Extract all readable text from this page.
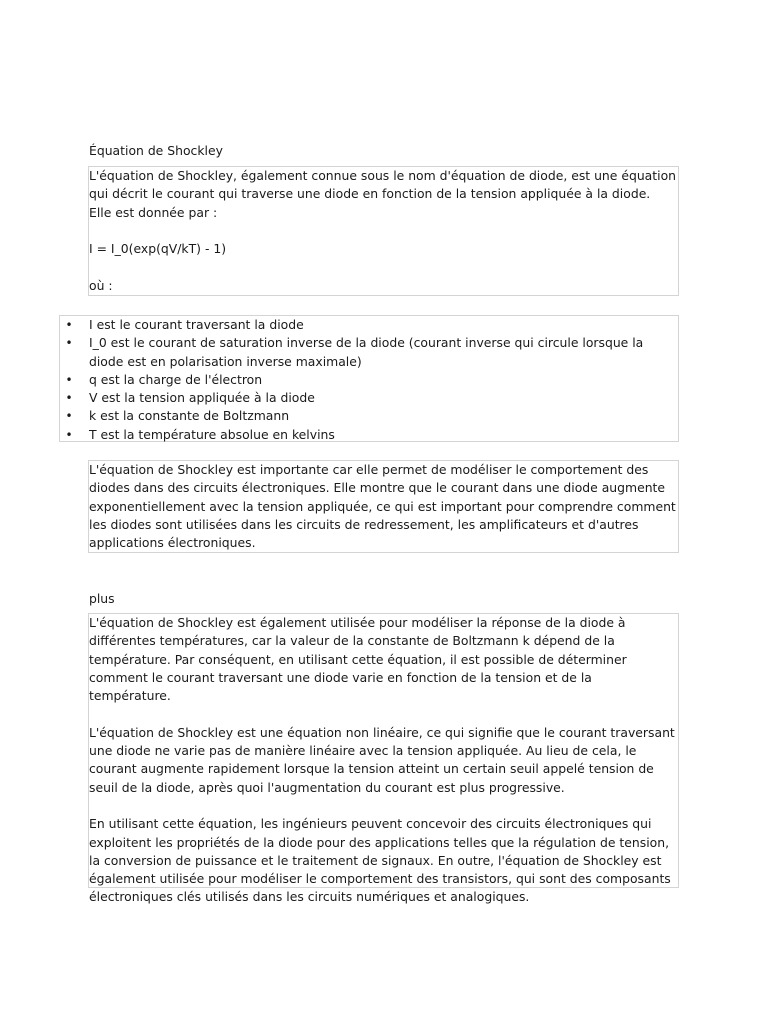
Équation de Shockley

L'équation de Shockley, également connue sous le nom d'équation de diode, est une équation qui décrit le courant qui traverse une diode en fonction de la tension appliquée à la diode. Elle est donnée par :

I = I_0(exp(qV/kT) - 1)

où :

• I est le courant traversant la diode
• I_0 est le courant de saturation inverse de la diode (courant inverse qui circule lorsque la diode est en polarisation inverse maximale)
• q est la charge de l'électron
• V est la tension appliquée à la diode
• k est la constante de Boltzmann
• T est la température absolue en kelvins

L'équation de Shockley est importante car elle permet de modéliser le comportement des diodes dans des circuits électroniques. Elle montre que le courant dans une diode augmente exponentiellement avec la tension appliquée, ce qui est important pour comprendre comment les diodes sont utilisées dans les circuits de redressement, les amplificateurs et d'autres applications électroniques.

plus

L'équation de Shockley est également utilisée pour modéliser la réponse de la diode à différentes températures, car la valeur de la constante de Boltzmann k dépend de la température. Par conséquent, en utilisant cette équation, il est possible de déterminer comment le courant traversant une diode varie en fonction de la tension et de la température.

L'équation de Shockley est une équation non linéaire, ce qui signifie que le courant traversant une diode ne varie pas de manière linéaire avec la tension appliquée. Au lieu de cela, le courant augmente rapidement lorsque la tension atteint un certain seuil appelé tension de seuil de la diode, après quoi l'augmentation du courant est plus progressive.

En utilisant cette équation, les ingénieurs peuvent concevoir des circuits électroniques qui exploitent les propriétés de la diode pour des applications telles que la régulation de tension, la conversion de puissance et le traitement de signaux. En outre, l'équation de Shockley est également utilisée pour modéliser le comportement des transistors, qui sont des composants électroniques clés utilisés dans les circuits numériques et analogiques.
